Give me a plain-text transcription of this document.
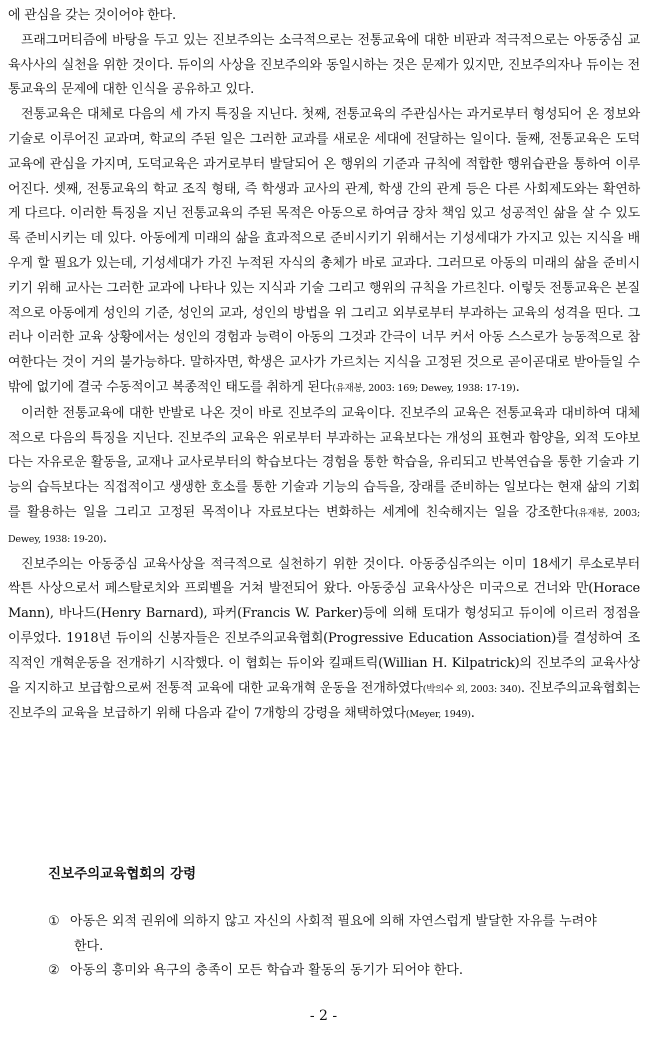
에 관심을 갖는 것이어야 한다.

프래그머티즘에 바탕을 두고 있는 진보주의는 소극적으로는 전통교육에 대한 비판과 적극적으로는 아동중심 교육사사의 실천을 위한 것이다. 듀이의 사상을 진보주의와 동일시하는 것은 문제가 있지만, 진보주의자나 듀이는 전통교육의 문제에 대한 인식을 공유하고 있다.

전통교육은 대체로 다음의 세 가지 특징을 지닌다. 첫째, 전통교육의 주관심사는 과거로부터 형성되어 온 정보와 기술로 이루어진 교과며, 학교의 주된 일은 그러한 교과를 새로운 세대에 전달하는 일이다. 둘째, 전통교육은 도덕교육에 관심을 가지며, 도덕교육은 과거로부터 발달되어 온 행위의 기준과 규칙에 적합한 행위습관을 통하여 이루어진다. 셋째, 전통교육의 학교 조직 형태, 즉 학생과 교사의 관계, 학생 간의 관계 등은 다른 사회제도와는 확연하게 다르다. 이러한 특징을 지닌 전통교육의 주된 목적은 아동으로 하여금 장차 책임 있고 성공적인 삶을 살 수 있도록 준비시키는 데 있다. 아동에게 미래의 삶을 효과적으로 준비시키기 위해서는 기성세대가 가지고 있는 지식을 배우게 할 필요가 있는데, 기성세대가 가진 누적된 자식의 총체가 바로 교과다. 그러므로 아동의 미래의 삶을 준비시키기 위해 교사는 그러한 교과에 나타나 있는 지식과 기술 그리고 행위의 규칙을 가르친다. 이렇듯 전통교육은 본질적으로 아동에게 성인의 기준, 성인의 교과, 성인의 방법을 위 그리고 외부로부터 부과하는 교육의 성격을 띤다. 그러나 이러한 교육 상황에서는 성인의 경험과 능력이 아동의 그것과 간극이 너무 커서 아동 스스로가 능동적으로 참여한다는 것이 거의 불가능하다. 말하자면, 학생은 교사가 가르치는 지식을 고정된 것으로 곧이곧대로 받아들일 수밖에 없기에 결국 수동적이고 복종적인 태도를 취하게 된다(유재봉, 2003: 169; Dewey, 1938: 17-19).

이러한 전통교육에 대한 반발로 나온 것이 바로 진보주의 교육이다. 진보주의 교육은 전통교육과 대비하여 대체적으로 다음의 특징을 지닌다. 진보주의 교육은 위로부터 부과하는 교육보다는 개성의 표현과 함양을, 외적 도야보다는 자유로운 활동을, 교재나 교사로부터의 학습보다는 경험을 통한 학습을, 유리되고 반복연습을 통한 기술과 기능의 습득보다는 직접적이고 생생한 호소를 통한 기술과 기능의 습득을, 장래를 준비하는 일보다는 현재 삶의 기회를 활용하는 일을 그리고 고정된 목적이나 자료보다는 변화하는 세계에 친숙해지는 일을 강조한다(유재봉, 2003; Dewey, 1938: 19-20).

진보주의는 아동중심 교육사상을 적극적으로 실천하기 위한 것이다. 아동중심주의는 이미 18세기 루소로부터 싹튼 사상으로서 페스탈로치와 프뢰벨을 거쳐 발전되어 왔다. 아동중심 교육사상은 미국으로 건너와 만(Horace Mann), 바나드(Henry Barnard), 파커(Francis W. Parker)등에 의해 토대가 형성되고 듀이에 이르러 정점을 이루었다. 1918년 듀이의 신봉자들은 진보주의교육협회(Progressive Education Association)를 결성하여 조직적인 개혁운동을 전개하기 시작했다. 이 협회는 듀이와 킬패트릭(Willian H. Kilpatrick)의 진보주의 교육사상을 지지하고 보급함으로써 전통적 교육에 대한 교육개혁 운동을 전개하였다(박의수 외, 2003: 340). 진보주의교육협회는 진보주의 교육을 보급하기 위해 다음과 같이 7개항의 강령을 채택하였다(Meyer, 1949).

진보주의교육협회의 강령

① 아동은 외적 권위에 의하지 않고 자신의 사회적 필요에 의해 자연스럽게 발달한 자유를 누려야 한다.

② 아동의 흥미와 욕구의 충족이 모든 학습과 활동의 동기가 되어야 한다.

- 2 -
